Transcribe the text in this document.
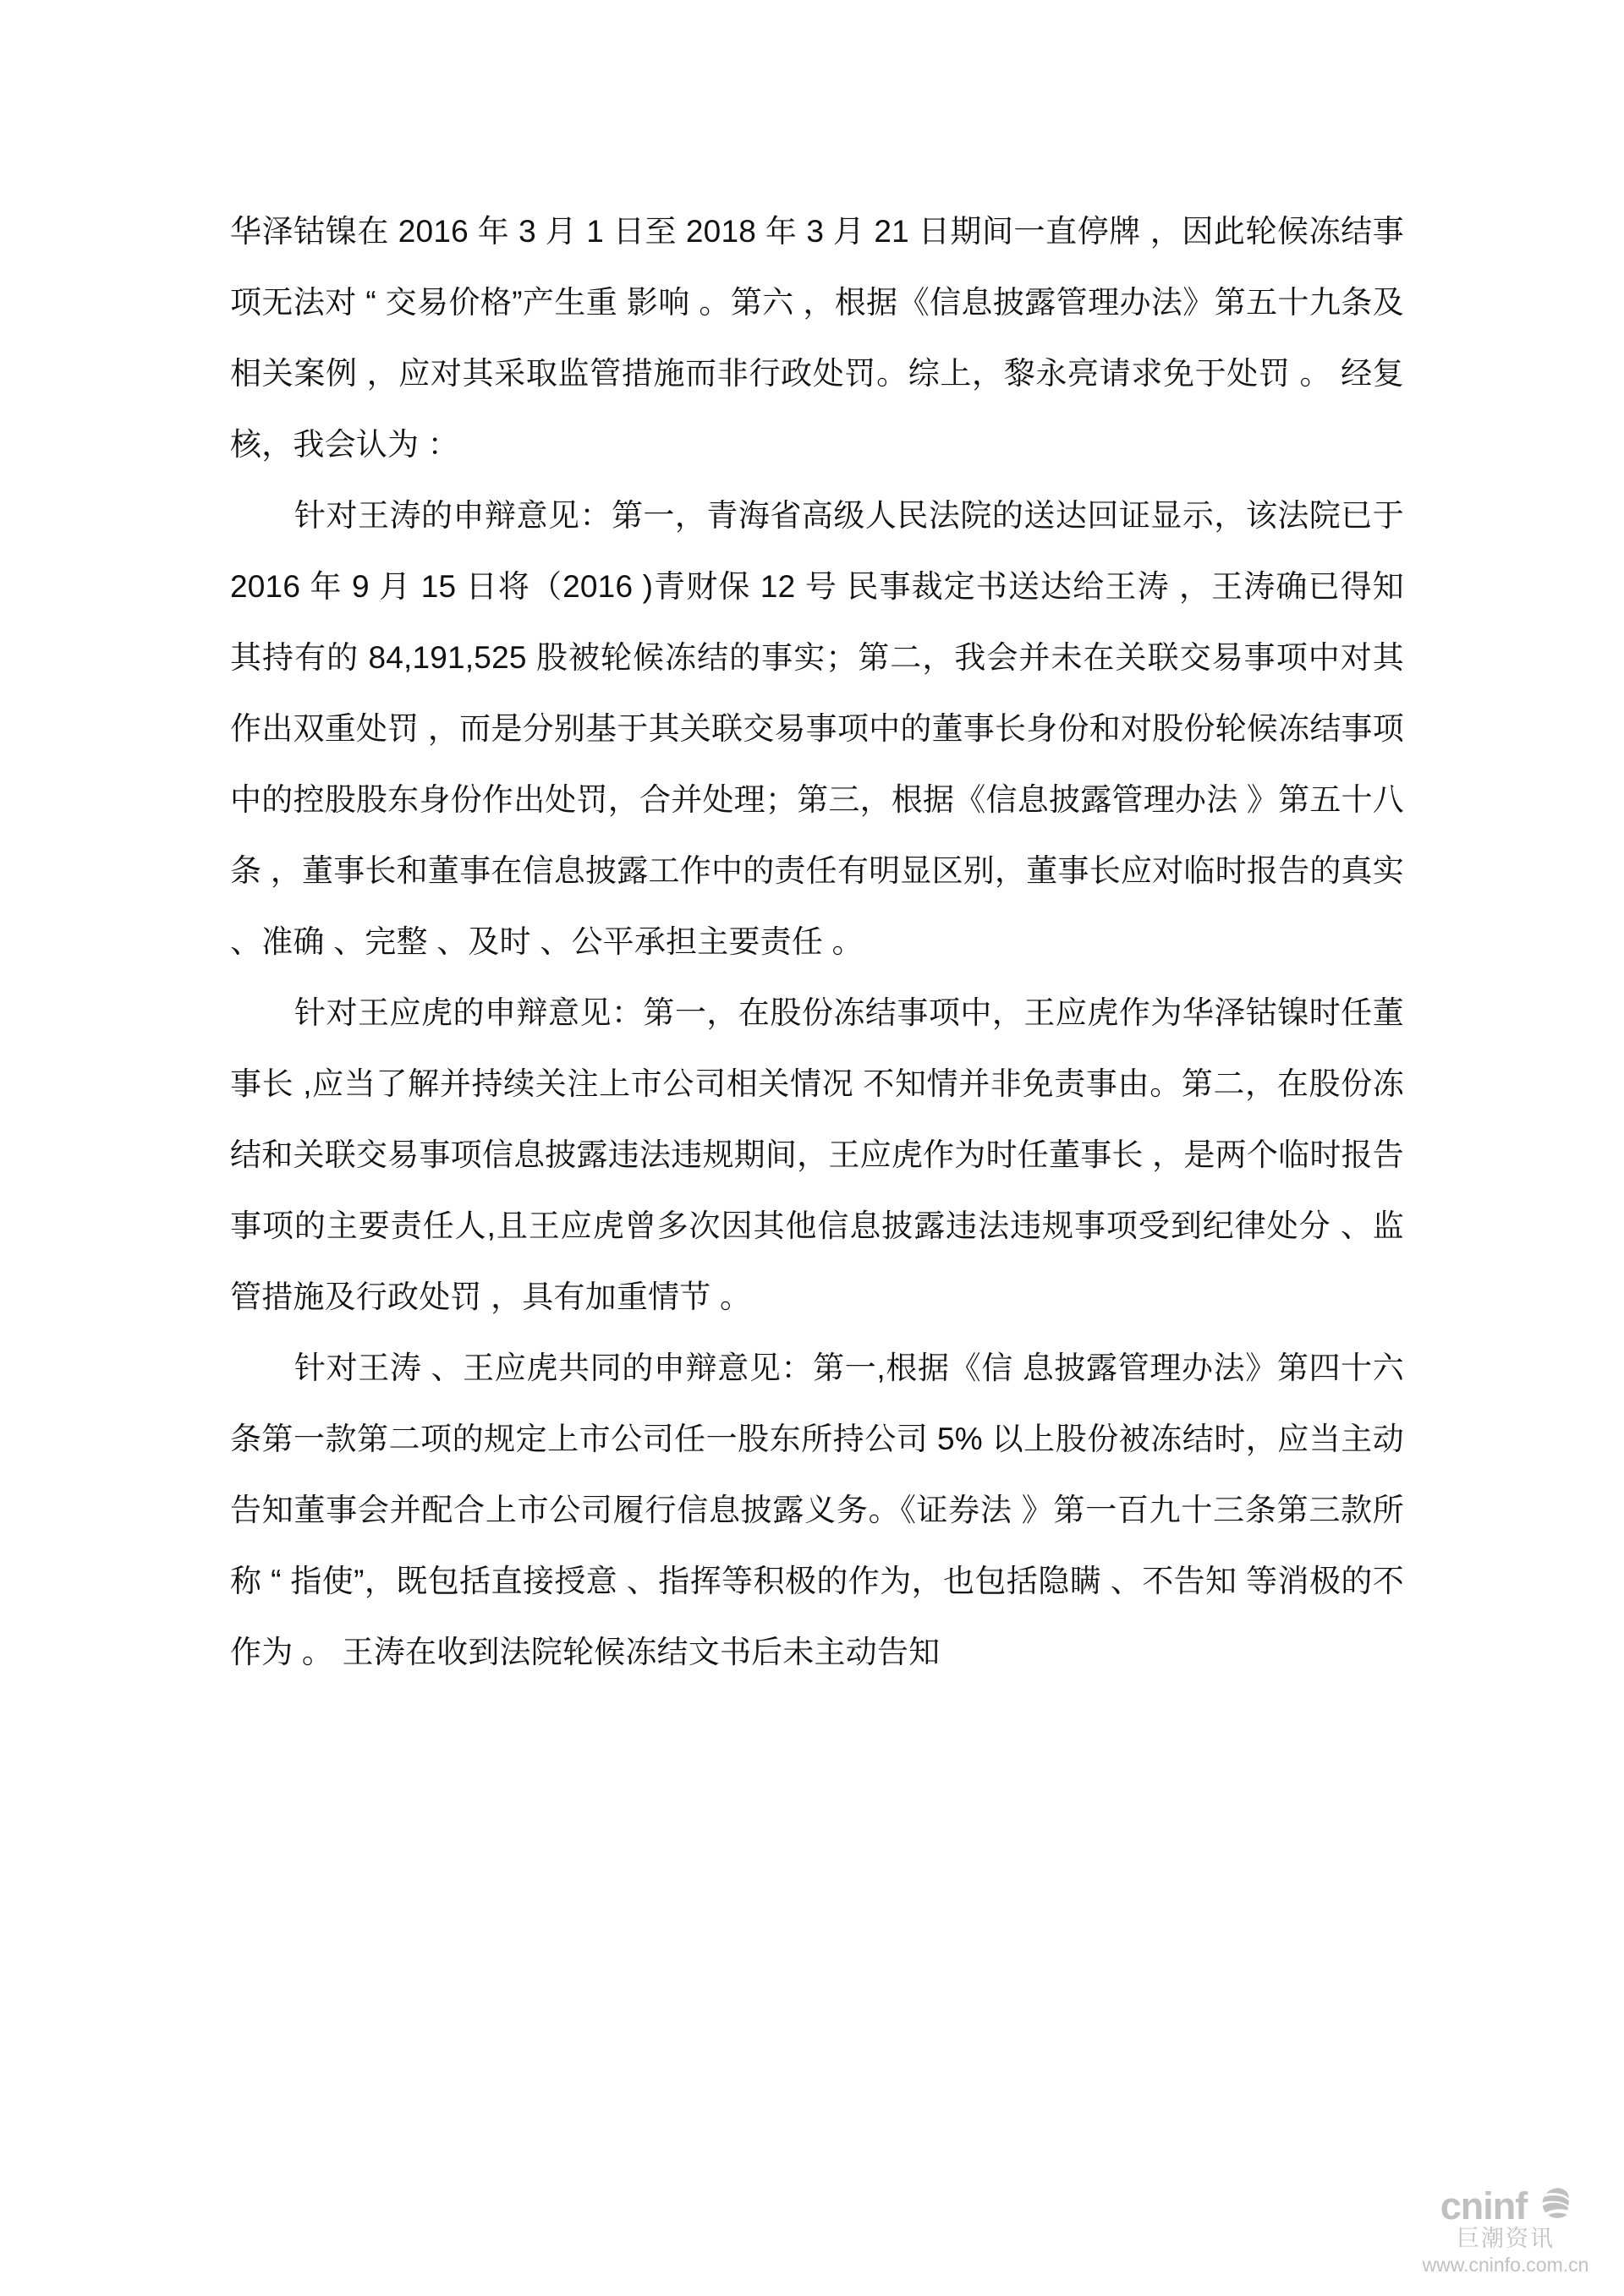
华泽钴镍在 2016 年 3 月 1 日至 2018 年 3 月 21 日期间一直停牌 ，因此轮候冻结事项无法对 “ 交易价格”产生重 影响 。第六 ，根据《信息披露管理办法》第五十九条及相关案例 ，应对其采取监管措施而非行政处罚。综上，黎永亮请求免于处罚 。 经复核，我会认为 ：

针对王涛的申辩意见：第一，青海省高级人民法院的送达回证显示，该法院已于 2016 年 9 月 15 日将（2016 )青财保 12 号 民事裁定书送达给王涛 ，王涛确已得知其持有的 84,191,525 股被轮候冻结的事实；第二，我会并未在关联交易事项中对其作出双重处罚 ，而是分别基于其关联交易事项中的董事长身份和对股份轮候冻结事项中的控股股东身份作出处罚，合并处理；第三，根据《信息披露管理办法 》第五十八条 ，董事长和董事在信息披露工作中的责任有明显区别，董事长应对临时报告的真实 、准确 、完整 、及时 、公平承担主要责任 。

针对王应虎的申辩意见：第一，在股份冻结事项中，王应虎作为华泽钴镍时任董事长 ,应当了解并持续关注上市公司相关情况 不知情并非免责事由。第二，在股份冻结和关联交易事项信息披露违法违规期间，王应虎作为时任董事长 ，是两个临时报告事项的主要责任人,且王应虎曾多次因其他信息披露违法违规事项受到纪律处分 、监管措施及行政处罚 ，具有加重情节 。

针对王涛 、王应虎共同的申辩意见：第一,根据《信 息披露管理办法》第四十六条第一款第二项的规定上市公司任一股东所持公司 5% 以上股份被冻结时，应当主动告知董事会并配合上市公司履行信息披露义务。《证券法 》第一百九十三条第三款所称 “ 指使”，既包括直接授意 、指挥等积极的作为，也包括隐瞒 、不告知 等消极的不作为 。 王涛在收到法院轮候冻结文书后未主动告知

cninf
巨潮资讯
www.cninfo.com.cn
